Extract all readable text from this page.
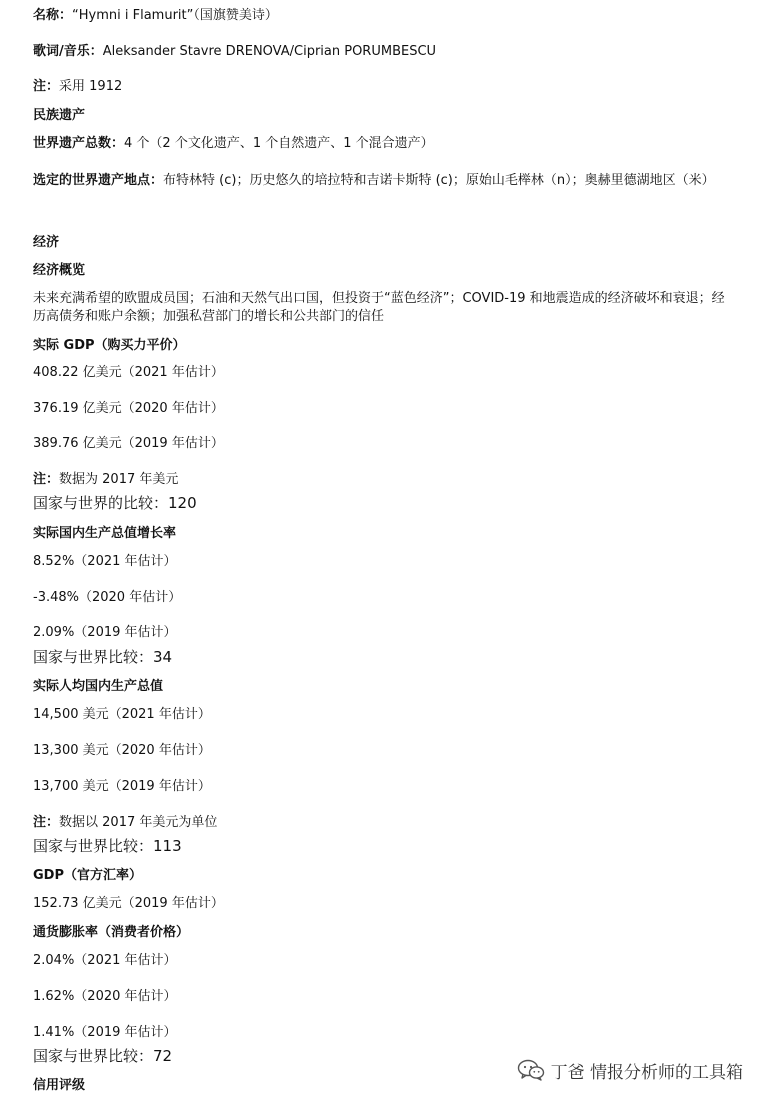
名称：“Hymni i Flamurit”（国旗赞美诗）
歌词/音乐：Aleksander Stavre DRENOVA/Ciprian PORUMBESCU
注：采用 1912
民族遗产
世界遗产总数：4 个（2 个文化遗产、1 个自然遗产、1 个混合遗产）
选定的世界遗产地点：布特林特 (c)；历史悠久的培拉特和吉诺卡斯特 (c)；原始山毛榉林（n）；奥赫里德湖地区（米）
经济
经济概览
未来充满希望的欧盟成员国；石油和天然气出口国，但投资于“蓝色经济”；COVID-19 和地震造成的经济破坏和衰退；经历高债务和账户余额；加强私营部门的增长和公共部门的信任
实际 GDP（购买力平价）
408.22 亿美元（2021 年估计）
376.19 亿美元（2020 年估计）
389.76 亿美元（2019 年估计）
注：数据为 2017 年美元
国家与世界的比较：120
实际国内生产总值增长率
8.52%（2021 年估计）
-3.48%（2020 年估计）
2.09%（2019 年估计）
国家与世界比较：34
实际人均国内生产总值
14,500 美元（2021 年估计）
13,300 美元（2020 年估计）
13,700 美元（2019 年估计）
注：数据以 2017 年美元为单位
国家与世界比较：113
GDP（官方汇率）
152.73 亿美元（2019 年估计）
通货膨胀率（消费者价格）
2.04%（2021 年估计）
1.62%（2020 年估计）
1.41%（2019 年估计）
国家与世界比较：72
信用评级
丁爸 情报分析师的工具箱
